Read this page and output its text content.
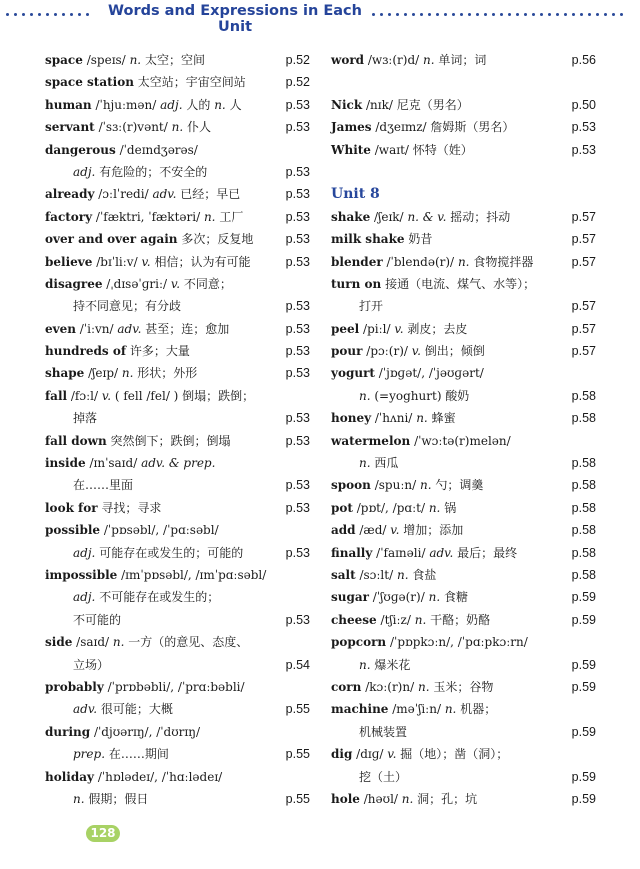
Words and Expressions in Each Unit
space /speɪs/ n. 太空；空间	p.52
space station 太空站；宇宙空间站	p.52
human /ˈhjuːmən/ adj. 人的 n. 人	p.53
servant /ˈsɜː(r)vənt/ n. 仆人	p.53
dangerous /ˈdeɪndʒərəs/
adj. 有危险的；不安全的	p.53
already /ɔːlˈredi/ adv. 已经；早已	p.53
factory /ˈfæktri, ˈfæktəri/ n. 工厂	p.53
over and over again 多次；反复地	p.53
believe /bɪˈliːv/ v. 相信；认为有可能	p.53
disagree /ˌdɪsəˈɡriː/ v. 不同意；
持不同意见；有分歧	p.53
even /ˈiːvn/ adv. 甚至；连；愈加	p.53
hundreds of 许多；大量	p.53
shape /ʃeɪp/ n. 形状；外形	p.53
fall /fɔːl/ v. ( fell /fel/ ) 倒塌；跌倒；
掉落	p.53
fall down 突然倒下；跌倒；倒塌	p.53
inside /ɪnˈsaɪd/ adv. & prep.
在……里面	p.53
look for 寻找；寻求	p.53
possible /ˈpɒsəbl/, /ˈpɑːsəbl/
adj. 可能存在或发生的；可能的	p.53
impossible /ɪmˈpɒsəbl/, /ɪmˈpɑːsəbl/
adj. 不可能存在或发生的；
不可能的	p.53
side /saɪd/ n. 一方（的意见、态度、
立场）	p.54
probably /ˈprɒbəbli/, /ˈprɑːbəbli/
adv. 很可能；大概	p.55
during /ˈdjʊərɪŋ/, /ˈdʊrɪŋ/
prep. 在……期间	p.55
holiday /ˈhɒlədeɪ/, /ˈhɑːlədeɪ/
n. 假期；假日	p.55
word /wɜː(r)d/ n. 单词；词	p.56
Nick /nɪk/ 尼克（男名）	p.50
James /dʒeɪmz/ 詹姆斯（男名）	p.53
White /waɪt/ 怀特（姓）	p.53
Unit 8
shake /ʃeɪk/ n. & v. 摇动；抖动	p.57
milk shake 奶昔	p.57
blender /ˈblendə(r)/ n. 食物搅拌器	p.57
turn on 接通（电流、煤气、水等）；
打开	p.57
peel /piːl/ v. 剥皮；去皮	p.57
pour /pɔː(r)/ v. 倒出；倾倒	p.57
yogurt /ˈjɒɡət/, /ˈjəʊɡərt/
n. (=yoghurt) 酸奶	p.58
honey /ˈhʌni/ n. 蜂蜜	p.58
watermelon /ˈwɔːtə(r)melən/
n. 西瓜	p.58
spoon /spuːn/ n. 勺；调羹	p.58
pot /pɒt/, /pɑːt/ n. 锅	p.58
add /æd/ v. 增加；添加	p.58
finally /ˈfaɪnəli/ adv. 最后；最终	p.58
salt /sɔːlt/ n. 食盐	p.58
sugar /ˈʃʊɡə(r)/ n. 食糖	p.59
cheese /tʃiːz/ n. 干酪；奶酪	p.59
popcorn /ˈpɒpkɔːn/, /ˈpɑːpkɔːrn/
n. 爆米花	p.59
corn /kɔː(r)n/ n. 玉米；谷物	p.59
machine /məˈʃiːn/ n. 机器；
机械装置	p.59
dig /dɪɡ/ v. 掘（地）；凿（洞）；
挖（土）	p.59
hole /həʊl/ n. 洞；孔；坑	p.59
128
